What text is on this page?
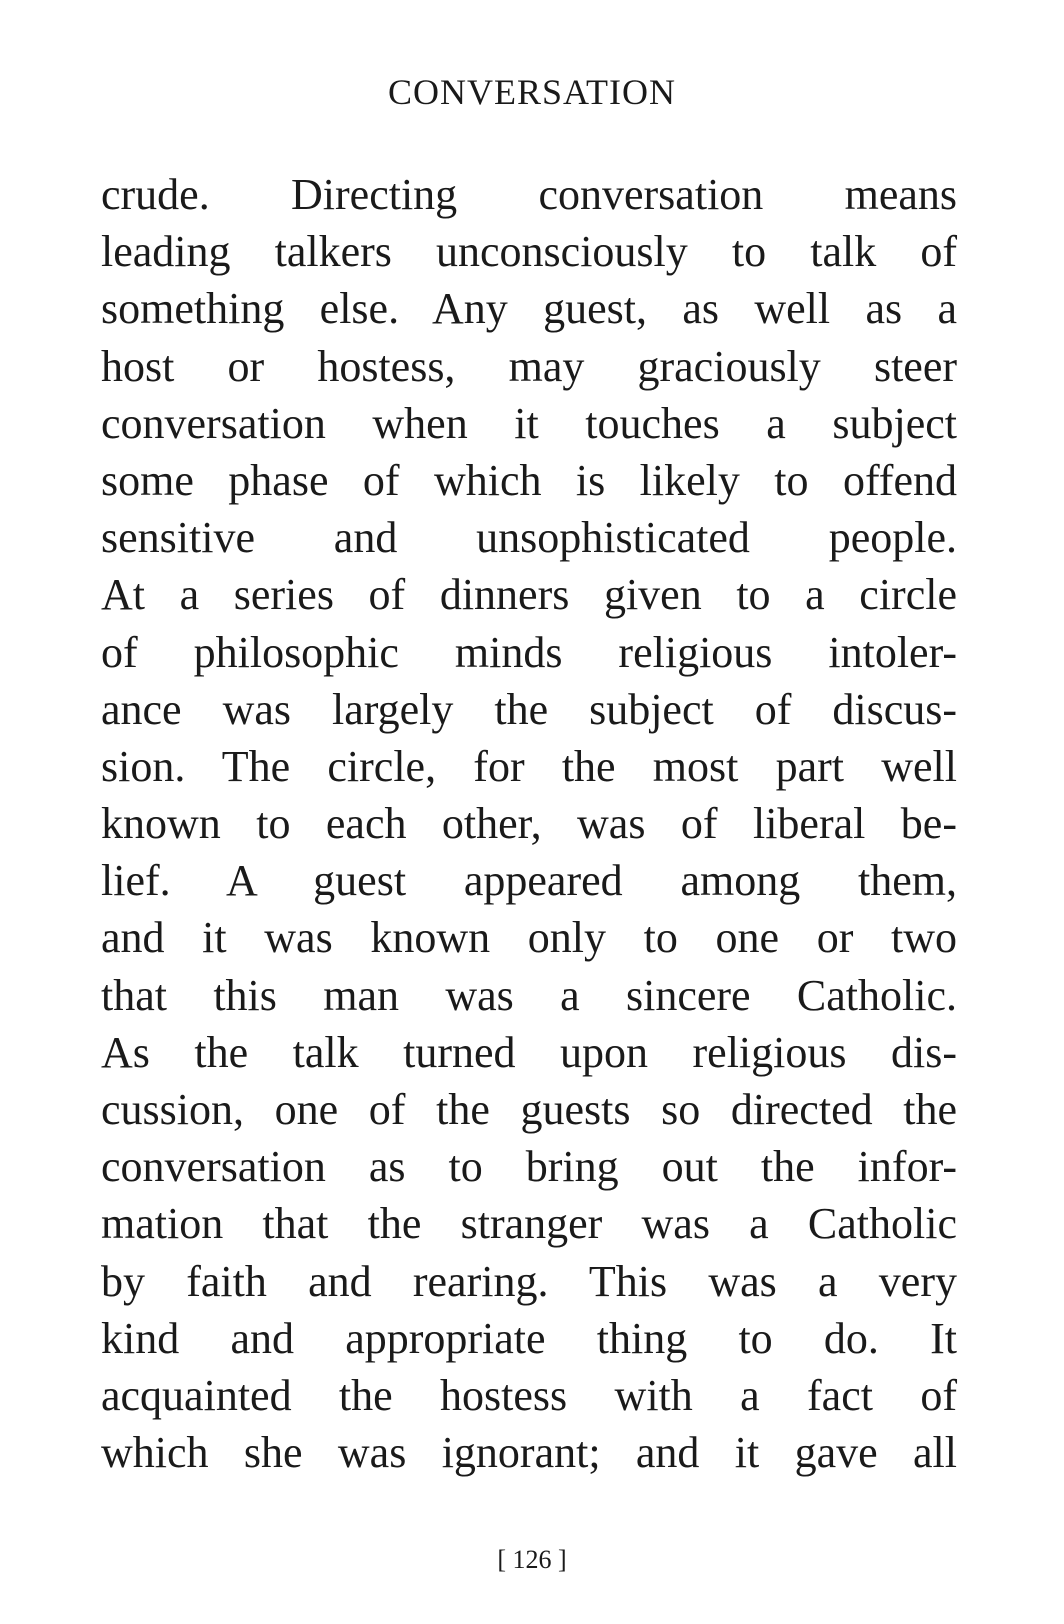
CONVERSATION
crude. Directing conversation means
leading talkers unconsciously to talk of
something else. Any guest, as well as a
host or hostess, may graciously steer
conversation when it touches a subject
some phase of which is likely to offend
sensitive and unsophisticated people.
At a series of dinners given to a circle
of philosophic minds religious intoler-
ance was largely the subject of discus-
sion. The circle, for the most part well
known to each other, was of liberal be-
lief. A guest appeared among them,
and it was known only to one or two
that this man was a sincere Catholic.
As the talk turned upon religious dis-
cussion, one of the guests so directed the
conversation as to bring out the infor-
mation that the stranger was a Catholic
by faith and rearing. This was a very
kind and appropriate thing to do. It
acquainted the hostess with a fact of
which she was ignorant; and it gave all
[ 126 ]
